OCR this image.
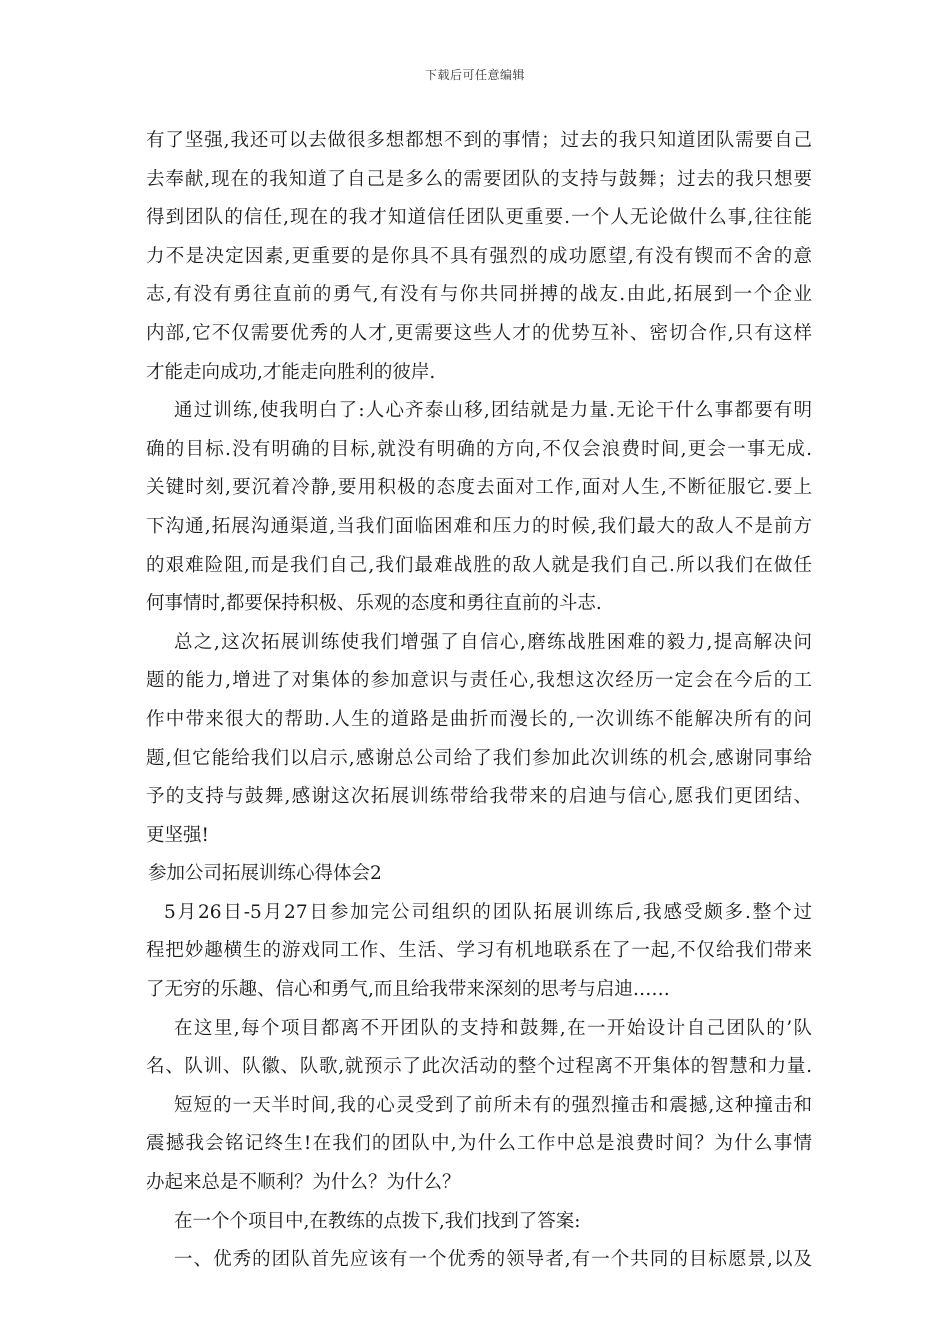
下载后可任意编辑
有了坚强,我还可以去做很多想都想不到的事情；过去的我只知道团队需要自己
去奉献,现在的我知道了自己是多么的需要团队的支持与鼓舞；过去的我只想要
得到团队的信任,现在的我才知道信任团队更重要.一个人无论做什么事,往往能
力不是决定因素,更重要的是你具不具有强烈的成功愿望,有没有锲而不舍的意
志,有没有勇往直前的勇气,有没有与你共同拼搏的战友.由此,拓展到一个企业
内部,它不仅需要优秀的人才,更需要这些人才的优势互补、密切合作,只有这样
才能走向成功,才能走向胜利的彼岸.
通过训练,使我明白了:人心齐泰山移,团结就是力量.无论干什么事都要有明
确的目标.没有明确的目标,就没有明确的方向,不仅会浪费时间,更会一事无成.
关键时刻,要沉着冷静,要用积极的态度去面对工作,面对人生,不断征服它.要上
下沟通,拓展沟通渠道,当我们面临困难和压力的时候,我们最大的敌人不是前方
的艰难险阻,而是我们自己,我们最难战胜的敌人就是我们自己.所以我们在做任
何事情时,都要保持积极、乐观的态度和勇往直前的斗志.
总之,这次拓展训练使我们增强了自信心,磨练战胜困难的毅力,提高解决问
题的能力,增进了对集体的参加意识与责任心,我想这次经历一定会在今后的工
作中带来很大的帮助.人生的道路是曲折而漫长的,一次训练不能解决所有的问
题,但它能给我们以启示,感谢总公司给了我们参加此次训练的机会,感谢同事给
予的支持与鼓舞,感谢这次拓展训练带给我带来的启迪与信心,愿我们更团结、
更坚强!
参加公司拓展训练心得体会2
5月26日-5月27日参加完公司组织的团队拓展训练后,我感受颇多.整个过
程把妙趣横生的游戏同工作、生活、学习有机地联系在了一起,不仅给我们带来
了无穷的乐趣、信心和勇气,而且给我带来深刻的思考与启迪……
在这里,每个项目都离不开团队的支持和鼓舞,在一开始设计自己团队的’队
名、队训、队徽、队歌,就预示了此次活动的整个过程离不开集体的智慧和力量.
短短的一天半时间,我的心灵受到了前所未有的强烈撞击和震撼,这种撞击和
震撼我会铭记终生!在我们的团队中,为什么工作中总是浪费时间？为什么事情
办起来总是不顺利？为什么？为什么？
在一个个项目中,在教练的点拨下,我们找到了答案:
一、优秀的团队首先应该有一个优秀的领导者,有一个共同的目标愿景,以及
